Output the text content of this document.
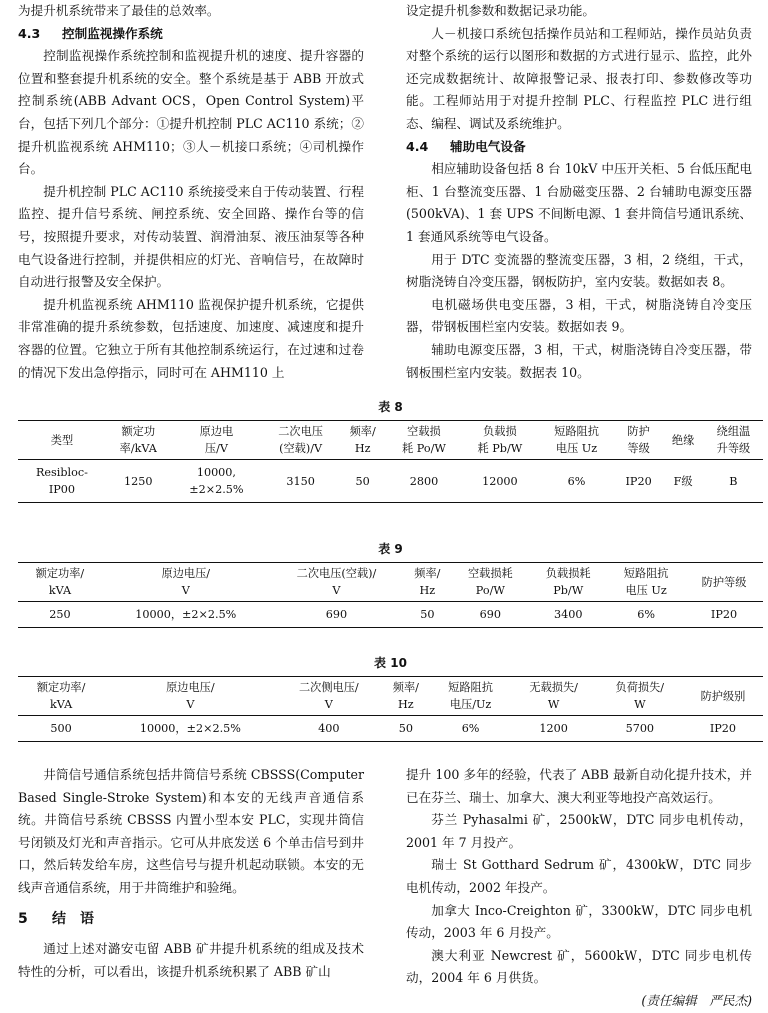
为提升机系统带来了最佳的总效率。

4.3 控制监视操作系统

控制监视操作系统控制和监视提升机的速度、提升容器的位置和整套提升机系统的安全。整个系统是基于 ABB 开放式控制系统(ABB Advant OCS，Open Control System)平台，包括下列几个部分：①提升机控制 PLC AC110 系统；②提升机监视系统 AHM110；③人－机接口系统；④司机操作台。

提升机控制 PLC AC110 系统接受来自于传动装置、行程监控、提升信号系统、闸控系统、安全回路、操作台等的信号，按照提升要求，对传动装置、润滑油泵、液压油泵等各种电气设备进行控制，并提供相应的灯光、音响信号，在故障时自动进行报警及安全保护。

提升机监视系统 AHM110 监视保护提升机系统，它提供非常准确的提升系统参数，包括速度、加速度、减速度和提升容器的位置。它独立于所有其他控制系统运行，在过速和过卷的情况下发出急停指示，同时可在 AHM110 上

设定提升机参数和数据记录功能。

人－机接口系统包括操作员站和工程师站，操作员站负责对整个系统的运行以图形和数据的方式进行显示、监控，此外还完成数据统计、故障报警记录、报表打印、参数修改等功能。工程师站用于对提升控制 PLC、行程监控 PLC 进行组态、编程、调试及系统维护。

4.4 辅助电气设备

相应辅助设备包括 8 台 10kV 中压开关柜、5 台低压配电柜、1 台整流变压器、1 台励磁变压器、2 台辅助电源变压器(500kVA)、1 套 UPS 不间断电源、1 套井筒信号通讯系统、1 套通风系统等电气设备。

用于 DTC 变流器的整流变压器，3 相，2 绕组，干式，树脂浇铸自冷变压器，钢板防护，室内安装。数据如表 8。

电机磁场供电变压器，3 相，干式，树脂浇铸自冷变压器，带钢板围栏室内安装。数据如表 9。

辅助电源变压器，3 相，干式，树脂浇铸自冷变压器，带钢板围栏室内安装。数据表 10。

表 8
类型	额定功
率/kVA	原边电
压/V	二次电压
(空载)/V	频率/
Hz	空载损
耗 Po/W	负载损
耗 Pb/W	短路阻抗
电压 Uz	防护
等级	绝缘	绕组温
升等级
Resibloc-
IP00	1250	10000,
±2×2.5%	3150	50	2800	12000	6%	IP20	F级	B

表 9
额定功率/
kVA	原边电压/
V	二次电压(空载)/
V	频率/
Hz	空载损耗
Po/W	负载损耗
Pb/W	短路阻抗
电压 Uz	防护等级

250	10000，±2×2.5%	690	50	690	3400	6%	IP20
表 10
额定功率/
kVA	原边电压/
V	二次侧电压/
V	频率/
Hz	短路阻抗
电压/Uz	无载损失/
W	负荷损失/
W	防护级别

500	10000，±2×2.5%	400	50	6%	1200	5700	IP20

井筒信号通信系统包括井筒信号系统 CBSSS(Computer Based Single-Stroke System)和本安的无线声音通信系统。井筒信号系统 CBSSS 内置小型本安 PLC，实现井筒信号闭锁及灯光和声音指示。它可从井底发送 6 个单击信号到井口，然后转发给车房，这些信号与提升机起动联锁。本安的无线声音通信系统，用于井筒维护和验绳。

5 结　语

通过上述对潞安屯留 ABB 矿井提升机系统的组成及技术特性的分析，可以看出，该提升机系统积累了 ABB 矿山

提升 100 多年的经验，代表了 ABB 最新自动化提升技术，并已在芬兰、瑞士、加拿大、澳大利亚等地投产高效运行。

芬兰 Pyhasalmi 矿，2500kW，DTC 同步电机传动，2001 年 7 月投产。

瑞士 St Gotthard Sedrum 矿，4300kW，DTC 同步电机传动，2002 年投产。

加拿大 Inco-Creighton 矿，3300kW，DTC 同步电机传动，2003 年 6 月投产。

澳大利亚 Newcrest 矿，5600kW，DTC 同步电机传动，2004 年 6 月供货。

(责任编辑　严民杰)
